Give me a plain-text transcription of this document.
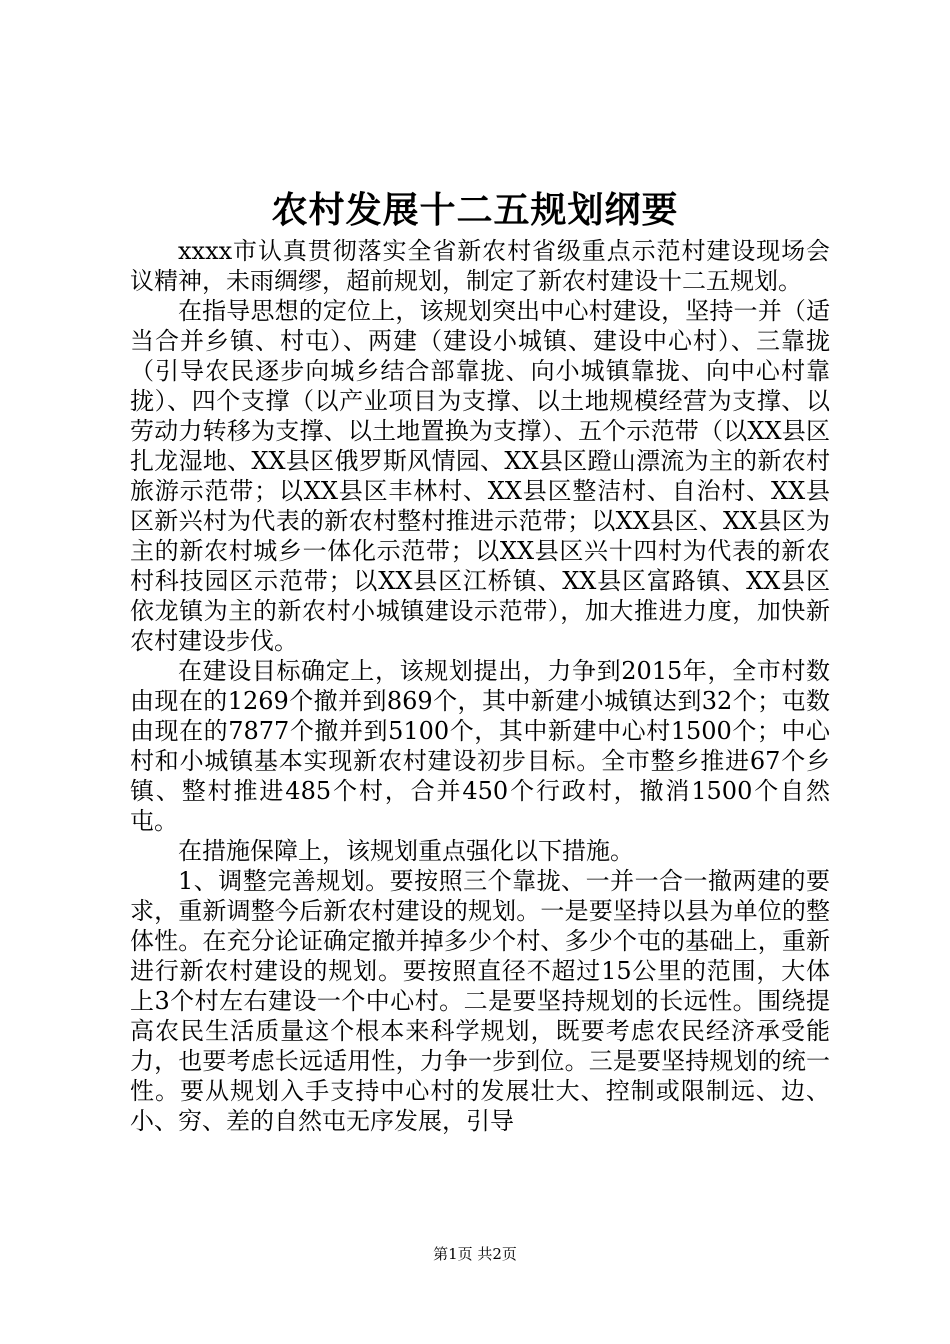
农村发展十二五规划纲要

xxxx市认真贯彻落实全省新农村省级重点示范村建设现场会议精神，未雨绸缪，超前规划，制定了新农村建设十二五规划。

在指导思想的定位上，该规划突出中心村建设，坚持一并（适当合并乡镇、村屯）、两建（建设小城镇、建设中心村）、三靠拢（引导农民逐步向城乡结合部靠拢、向小城镇靠拢、向中心村靠拢）、四个支撑（以产业项目为支撑、以土地规模经营为支撑、以劳动力转移为支撑、以土地置换为支撑）、五个示范带（以XX县区扎龙湿地、XX县区俄罗斯风情园、XX县区蹬山漂流为主的新农村旅游示范带；以XX县区丰林村、XX县区整洁村、自治村、XX县区新兴村为代表的新农村整村推进示范带；以XX县区、XX县区为主的新农村城乡一体化示范带；以XX县区兴十四村为代表的新农村科技园区示范带；以XX县区江桥镇、XX县区富路镇、XX县区依龙镇为主的新农村小城镇建设示范带），加大推进力度，加快新农村建设步伐。

在建设目标确定上，该规划提出，力争到2015年，全市村数由现在的1269个撤并到869个，其中新建小城镇达到32个；屯数由现在的7877个撤并到5100个，其中新建中心村1500个；中心村和小城镇基本实现新农村建设初步目标。全市整乡推进67个乡镇、整村推进485个村，合并450个行政村，撤消1500个自然屯。

在措施保障上，该规划重点强化以下措施。

1、调整完善规划。要按照三个靠拢、一并一合一撤两建的要求，重新调整今后新农村建设的规划。一是要坚持以县为单位的整体性。在充分论证确定撤并掉多少个村、多少个屯的基础上，重新进行新农村建设的规划。要按照直径不超过15公里的范围，大体上3个村左右建设一个中心村。二是要坚持规划的长远性。围绕提高农民生活质量这个根本来科学规划，既要考虑农民经济承受能力，也要考虑长远适用性，力争一步到位。三是要坚持规划的统一性。要从规划入手支持中心村的发展壮大、控制或限制远、边、小、穷、差的自然屯无序发展，引导

第1页 共2页
